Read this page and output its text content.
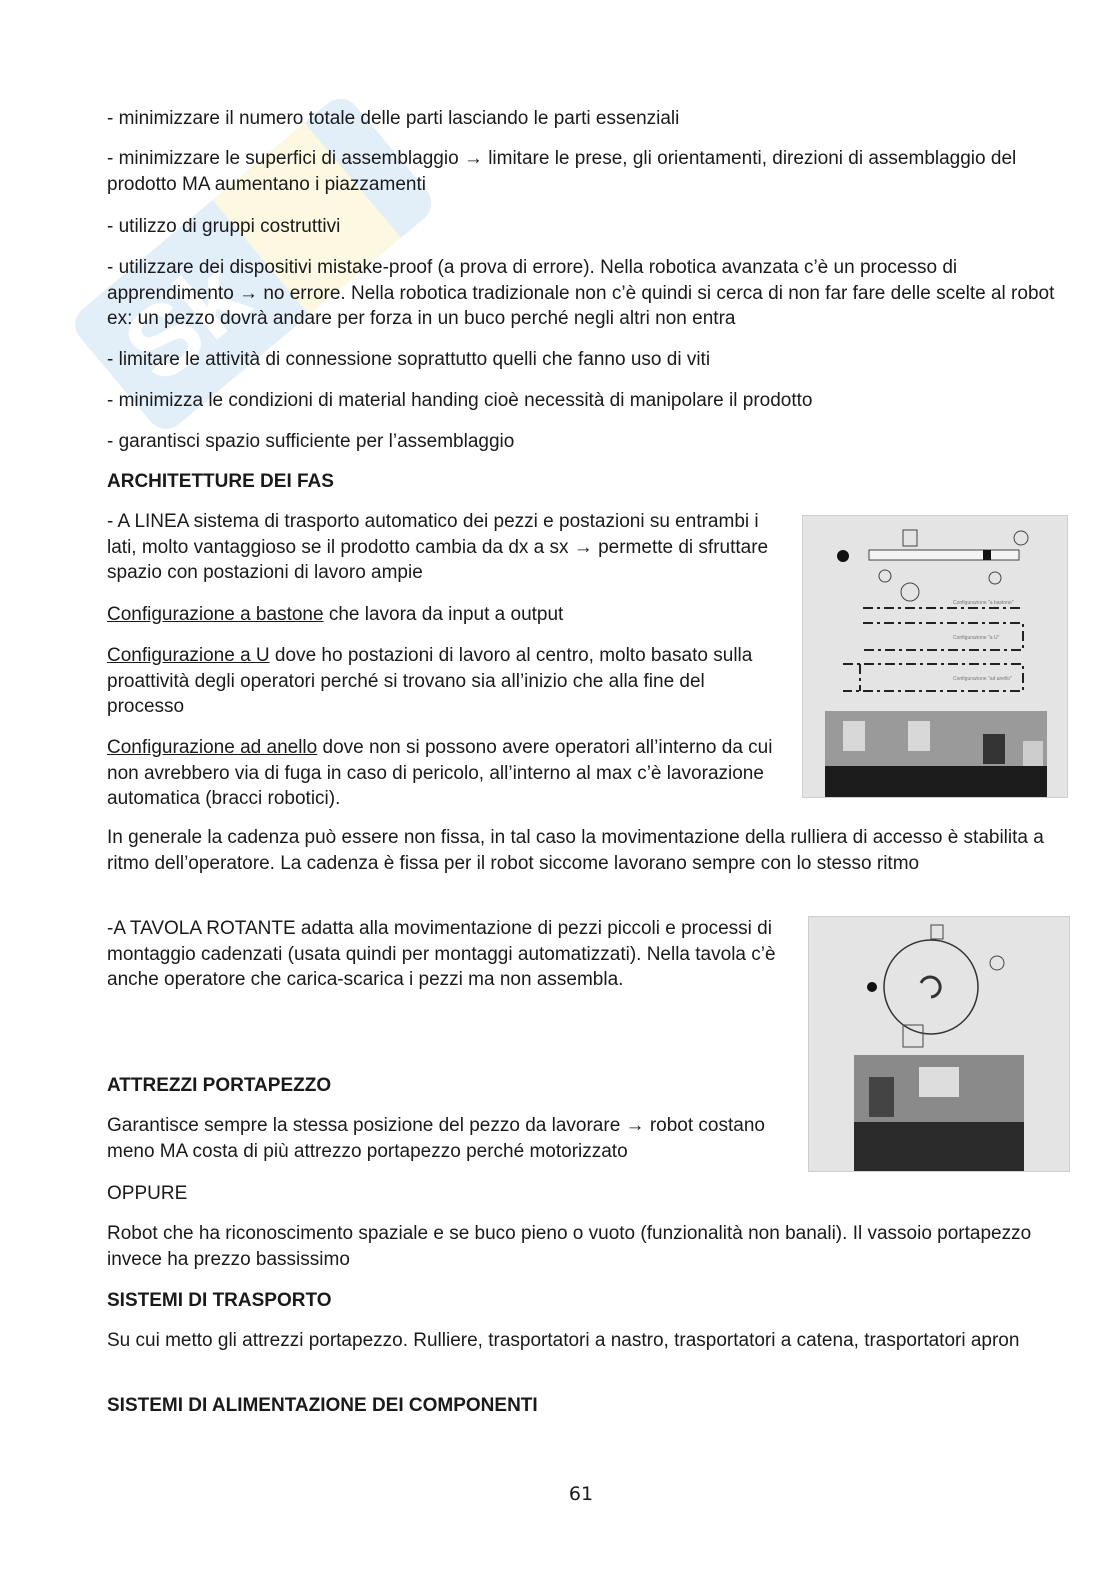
Sk

- minimizzare il numero totale delle parti lasciando le parti essenziali

- minimizzare le superfici di assemblaggio → limitare le prese, gli orientamenti, direzioni di assemblaggio del prodotto MA aumentano i piazzamenti

- utilizzo di gruppi costruttivi

- utilizzare dei dispositivi mistake-proof (a prova di errore). Nella robotica avanzata c’è un processo di apprendimento → no errore. Nella robotica tradizionale non c’è quindi si cerca di non far fare delle scelte al robot ex: un pezzo dovrà andare per forza in un buco perché negli altri non entra

- limitare le attività di connessione soprattutto quelli che fanno uso di viti

- minimizza le condizioni di material handing cioè necessità di manipolare il prodotto

- garantisci spazio sufficiente per l’assemblaggio

ARCHITETTURE DEI FAS

- A LINEA sistema di trasporto automatico dei pezzi e postazioni su entrambi i lati, molto vantaggioso se il prodotto cambia da dx a sx → permette di sfruttare spazio con postazioni di lavoro ampie

Configurazione a bastone che lavora da input a output

Configurazione a U dove ho postazioni di lavoro al centro, molto basato sulla proattività degli operatori perché si trovano sia all’inizio che alla fine del processo

Configurazione ad anello dove non si possono avere operatori all’interno da cui non avrebbero via di fuga in caso di pericolo, all’interno al max c’è lavorazione automatica (bracci robotici).

Configurazione "a bastone"
Configurazione "a U"
Configurazione "ad anello"

In generale la cadenza può essere non fissa, in tal caso la movimentazione della rulliera di accesso è stabilita a ritmo dell’operatore. La cadenza è fissa per il robot siccome lavorano sempre con lo stesso ritmo

-A TAVOLA ROTANTE adatta alla movimentazione di pezzi piccoli e processi di montaggio cadenzati (usata quindi per montaggi automatizzati). Nella tavola c’è anche operatore che carica-scarica i pezzi ma non assembla.

ATTREZZI PORTAPEZZO

Garantisce sempre la stessa posizione del pezzo da lavorare → robot costano meno MA costa di più attrezzo portapezzo perché motorizzato

OPPURE

Robot che ha riconoscimento spaziale e se buco pieno o vuoto (funzionalità non banali). Il vassoio portapezzo invece ha prezzo bassissimo

SISTEMI DI TRASPORTO

Su cui metto gli attrezzi portapezzo. Rulliere, trasportatori a nastro, trasportatori a catena, trasportatori apron

SISTEMI DI ALIMENTAZIONE DEI COMPONENTI

61
